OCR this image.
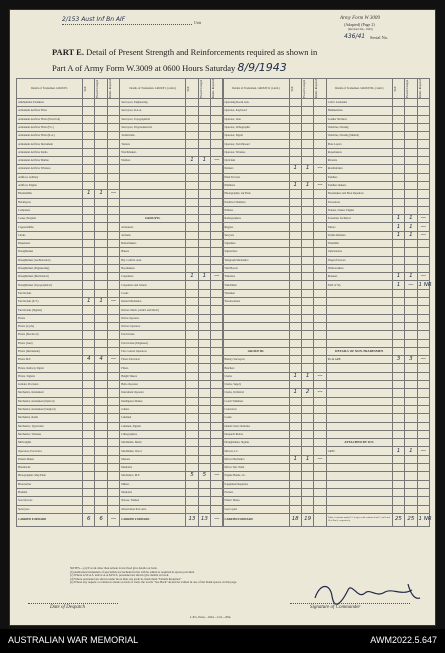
2/153 Aust Inf Bn AIF	Unit
Army Form W 3009
(Adapted) (Page 2)
(Revised Jan., 1943)
436/41 Serial No.
PART E. Detail of Present Strength and Reinforcements required as shown in
Part A of Army Form W.3009 at 0600 Hours Saturday 8/9/1943
Details of Tradesmen. GROUP I.	W.E.	Posted Strength	Reinfs. Required

Ammunition Examiner			
Armament Artificer Fitter			
Armament Artificer Fitter (Electrical)			
Armament Artificer Fitter (F.C.)			
Armament Artificer Fitter (R.A.)			
Armament Artificer Instrument			
Armament Artificer Radio			
Armament Artificer Marine			
Armament Artificer Wireless			
Artificer, Artillery			
Artificer, Engine			
Blacksmiths	1	1	—
Bricklayers			
Computers			
Cooks, Hospital			
Coppersmiths			
Clerks			
Dispensers			
Draughtsmen			
Draughtsmen (Architectural)			
Draughtsmen (Engineering)			
Draughtsmen (Mechanical)			
Draughtsmen (Topographical)			
Electricians			
Electricians (E.T.)	1	1	—
Electricians (Signals)			
Fitters			
Fitters (Cycle)			
Fitters (Electrical)			
Fitters (Gun)			
Fitters (Instrument)			
Fitters M.T.	4	4	—
Fitters, Railway Signal			
Fitters, Signals			
Grinder, Precision			
Mechanics, Instrument			
Mechanics, Instrument (Optical)			
Mechanics, Instrument (Surgical)			
Mechanics, Radio			
Mechanics, Typewriter			
Mechanics, Wireless			
Millwrights			
Operators, Excavator			
Pattern Maker			
Pharmacist			
Photographer, Map Plate			
Photowriter			
Plumber			
Saw Doctors			
Surveyors			
CARRIED FORWARD	6	6	—
Details of Tradesmen. GROUP I. (contd.)	W.E.	Posted Strength	Reinfs. Required

Surveyors, Engineering			
Surveyors, R.A.A.			
Surveyors, Topographical			
Surveyors, Trigonometrical			
Technicians			
Turners			
Watchmakers			
Welders	1	1	—

GROUP II.			
Armourers			
Artisans			
Boilermakers			
Bakers			
Bty. Comd's. Asst.			
Bootmakers			
Carpenters	1	1	—
Carpenters and Joiners			
Cooks			
Dental Mechanics			
Drivers Mech. (Arm'd and Mech)			
Driver Operator			
Drivers Operator			
Electricians			
Electricians (Engineers)			
Fire Control Operators			
Fitters Electrical			
Fitters			
Height Takers			
Helio Operator			
Instrument Operator			
Intelligence Duties			
Joiners			
Linemen			
Linemen, Signals			
Lithographers			
Machinists, Metal			
Machinists, Wood			
Masons			
Moulders			
Mechanics, M.T.	5	5	—
Millers			
Moulders			
Nurses, Trained			
Observation Post Asts.			
CARRIED FORWARD	13	13	—
Details of Tradesmen. GROUP II. (contd.)	W.E.	Posted Strength	Reinfs. Required

Operating Room Asts.			
Operator, Keyboard			
Operator, Line			
Operator, Lithographic			
Operator, Signal			
Operator, Switchboard			
Operator, Wireless			
Opticians			
Painters	1	1	—
Plant Erectors			
Plumbers	1	1	—
Photographer, Air Plate			
Predictor Numbers			
Printers			
Radiographers			
Riggers			
Sawyers			
Signallers			
Signwriters			
Telegraph Mechanics			
Well Borers			
Wheelers			
Winchman			
Wiremen			
Woodworkers			

GROUP III.			
Battery Surveyors			
Butchers			
Clerks	1	1	—
Clerks, Supply			
Clerks, Technical	1	2	—
Coach Trimmers			
Concretors			
Cooks			
Dental Clerk Orderlies			
Despatch Riders			
Draughtsmen, Signals			
Drivers, I.C.			
Driver Mechanics	1	1	—
Driver Tptr. Plant			
Engine Hands, I.C.			
Equipment Repairers			
Farriers			
Fitters' Mates			
Gas Layers			
CARRIED FORWARD	18	19	
Details of Tradesmen. GROUP III. (contd.)	W.E.	Posted Strength	Reinfs. Required

G.P.O. Assistants			
Hammermen			
Leather Stitchers			
Orderlies, Nursing			
Orderlies, Nursing (Mental)			
Plate Layers			
Ropemakers			
Riveters			
Roadbuilders			
Saddlers			
Saddlers makers			
Shoemakers and Boot Repairers			
Stevedores			
Stokers, Stoker, Engine			
Storemen, Technical	1	1	—
Tailors	1	1	—
Textile Refiners	1	1	—
Tinsmiths			
Upholsterers			
Wagon Erectors			
Whitewashers			
Pioneers	1	1	—
NOS of Sty	1	—	1 NR

DETAILS OF NON-TRADESMEN			
Pte & ARB	3	3	—

ATTACHED BY W.E.			
GREC	1	1	—

Totals of columns marked ’a’ to agree with columns 4 and 7, and 5 and 10 of Part A, respectively.	25	25	1 NR
NOTES.—(a) If work other than artisan is involved give details on back.
(b) Authorised tradesmen of specialists not included in list will be added as required in spaces provided.
(c) Where A.W.A.S. and/or A.A.M.W.S. personnel are shown give details on back.
(d) Where personnel are shown under more than one trade in, mark them “Details Required.”
(e) Where any request or relation is made on back of form, the words “See Back” should be written in one of the blank spaces on this page.
Date of Despatch	Signature of Commander
L.P.G. Press—1944—1/41—20m.
AUSTRALIAN WAR MEMORIAL	AWM2022.5.647
